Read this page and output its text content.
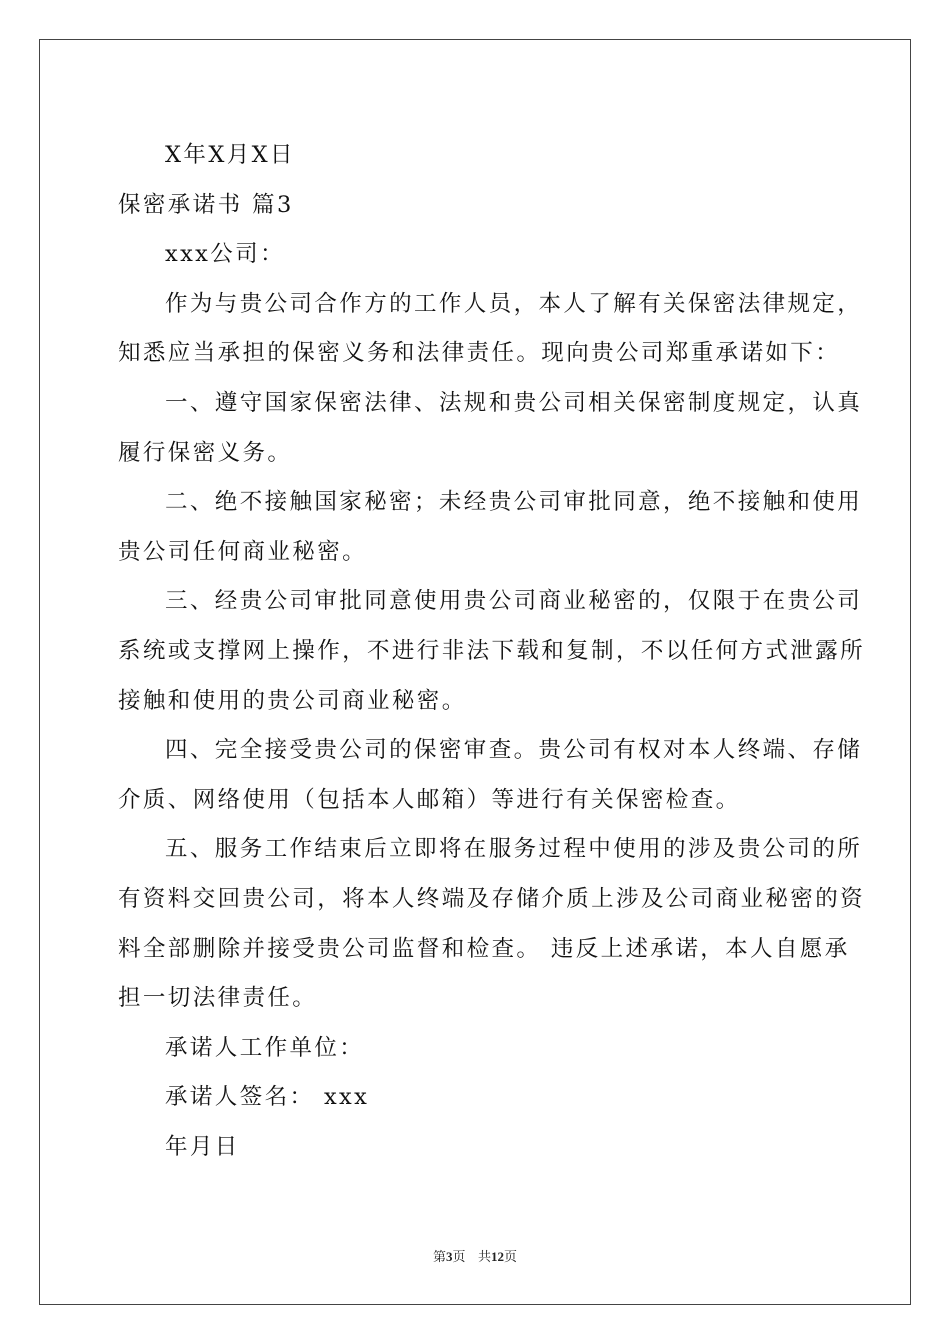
X年X月X日
保密承诺书 篇3
xxx公司：
作为与贵公司合作方的工作人员，本人了解有关保密法律规定，
知悉应当承担的保密义务和法律责任。现向贵公司郑重承诺如下：
一、遵守国家保密法律、法规和贵公司相关保密制度规定，认真
履行保密义务。
二、绝不接触国家秘密；未经贵公司审批同意，绝不接触和使用
贵公司任何商业秘密。
三、经贵公司审批同意使用贵公司商业秘密的，仅限于在贵公司
系统或支撑网上操作，不进行非法下载和复制，不以任何方式泄露所
接触和使用的贵公司商业秘密。
四、完全接受贵公司的保密审查。贵公司有权对本人终端、存储
介质、网络使用（包括本人邮箱）等进行有关保密检查。
五、服务工作结束后立即将在服务过程中使用的涉及贵公司的所
有资料交回贵公司，将本人终端及存储介质上涉及公司商业秘密的资
料全部删除并接受贵公司监督和检查。 违反上述承诺，本人自愿承
担一切法律责任。
承诺人工作单位：
承诺人签名： xxx
年月日
第3页 共12页
